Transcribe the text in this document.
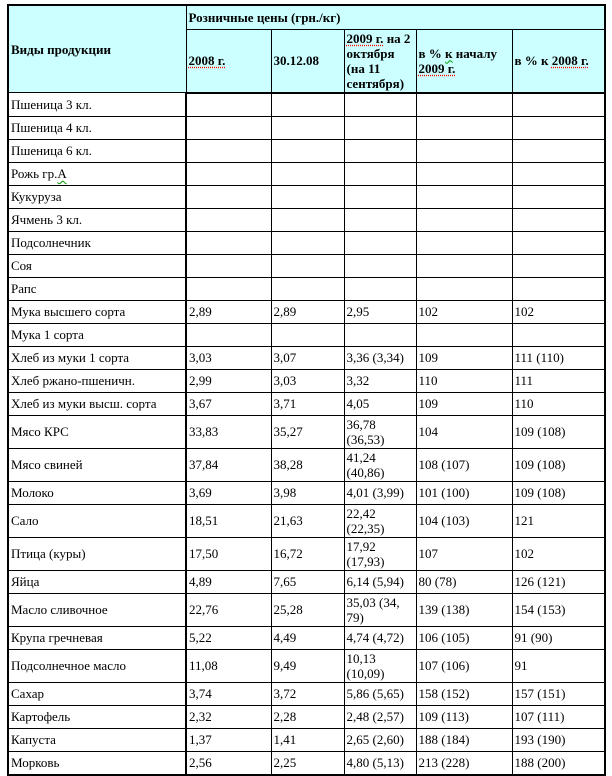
Виды продукции	Розничные цены (грн./кг)				
	2008 г.	30.12.08	2009 г. на 2 октября (на 11 сентября)	в % к началу 2009 г.	в % к 2008 г.
Пшеница 3 кл.					
Пшеница 4 кл.					
Пшеница 6 кл.					
Рожь гр.А					
Кукуруза					
Ячмень 3 кл.					
Подсолнечник					
Соя					
Рапс					
Мука высшего сорта	2,89	2,89	2,95	102	102
Мука 1 сорта					
Хлеб из муки 1 сорта	3,03	3,07	3,36 (3,34)	109	111 (110)
Хлеб ржано-пшеничн.	2,99	3,03	3,32	110	111
Хлеб из муки высш. сорта	3,67	3,71	4,05	109	110
Мясо КРС	33,83	35,27	36,78 (36,53)	104	109 (108)
Мясо свиней	37,84	38,28	41,24 (40,86)	108 (107)	109 (108)
Молоко	3,69	3,98	4,01 (3,99)	101 (100)	109 (108)
Сало	18,51	21,63	22,42 (22,35)	104 (103)	121
Птица (куры)	17,50	16,72	17,92 (17,93)	107	102
Яйца	4,89	7,65	6,14 (5,94)	80 (78)	126 (121)
Масло сливочное	22,76	25,28	35,03 (34, 79)	139 (138)	154 (153)
Крупа гречневая	5,22	4,49	4,74 (4,72)	106 (105)	91 (90)
Подсолнечное масло	11,08	9,49	10,13 (10,09)	107 (106)	91
Сахар	3,74	3,72	5,86 (5,65)	158 (152)	157 (151)
Картофель	2,32	2,28	2,48 (2,57)	109 (113)	107 (111)
Капуста	1,37	1,41	2,65 (2,60)	188 (184)	193 (190)
Морковь	2,56	2,25	4,80 (5,13)	213 (228)	188 (200)
